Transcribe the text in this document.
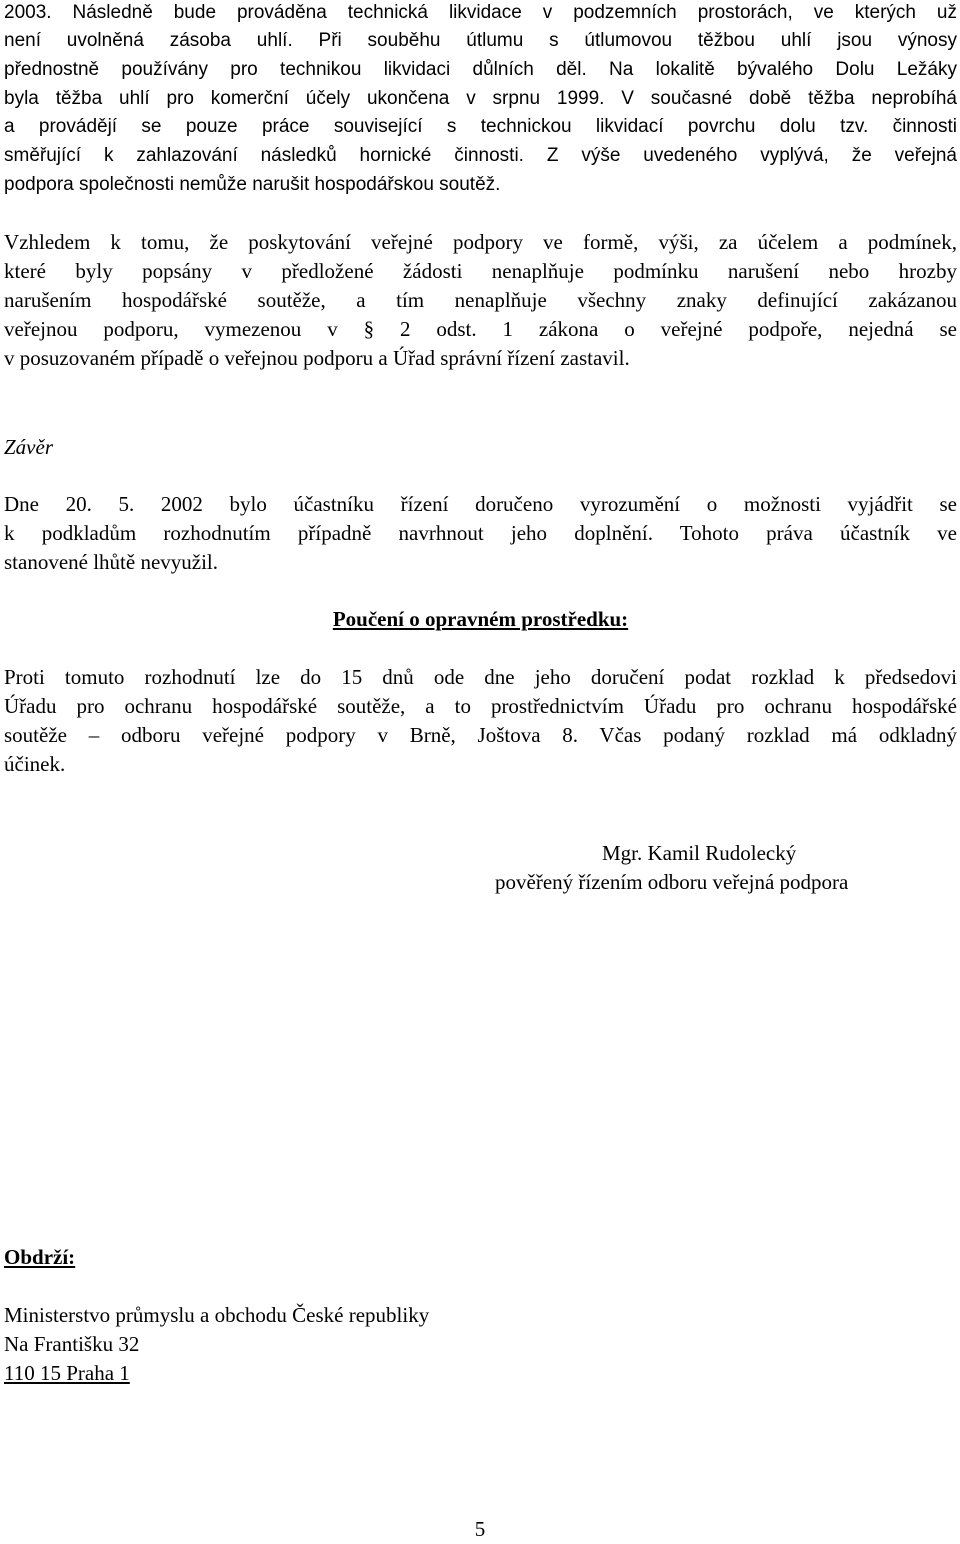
2003. Následně bude prováděna technická likvidace v podzemních prostorách, ve kterých už
není uvolněná zásoba uhlí. Při souběhu útlumu s útlumovou těžbou uhlí jsou výnosy
přednostně používány pro technikou likvidaci důlních děl. Na lokalitě bývalého Dolu Ležáky
byla těžba uhlí pro komerční účely ukončena v srpnu 1999. V současné době těžba neprobíhá
a provádějí se pouze práce související s technickou likvidací povrchu dolu tzv. činnosti
směřující k zahlazování následků hornické činnosti. Z výše uvedeného vyplývá, že veřejná
podpora společnosti nemůže narušit hospodářskou soutěž.
Vzhledem k tomu, že poskytování veřejné podpory ve formě, výši, za účelem a podmínek,
které byly popsány v předložené žádosti nenaplňuje podmínku narušení nebo hrozby
narušením hospodářské soutěže, a tím nenaplňuje všechny znaky definující zakázanou
veřejnou podporu, vymezenou v § 2 odst. 1 zákona o veřejné podpoře, nejedná se
v posuzovaném případě o veřejnou podporu a Úřad správní řízení zastavil.
Závěr
Dne 20. 5. 2002 bylo účastníku řízení doručeno vyrozumění o možnosti vyjádřit se
k podkladům rozhodnutím případně navrhnout jeho doplnění. Tohoto práva účastník ve
stanovené lhůtě nevyužil.
Poučení o opravném prostředku:
Proti tomuto rozhodnutí lze do 15 dnů ode dne jeho doručení podat rozklad k předsedovi
Úřadu pro ochranu hospodářské soutěže, a to prostřednictvím Úřadu pro ochranu hospodářské
soutěže – odboru veřejné podpory v Brně, Joštova 8. Včas podaný rozklad má odkladný
účinek.
Mgr. Kamil Rudolecký
pověřený řízením odboru veřejná podpora
Obdrží:
Ministerstvo průmyslu a obchodu České republiky
Na Františku 32
110 15 Praha 1
5
